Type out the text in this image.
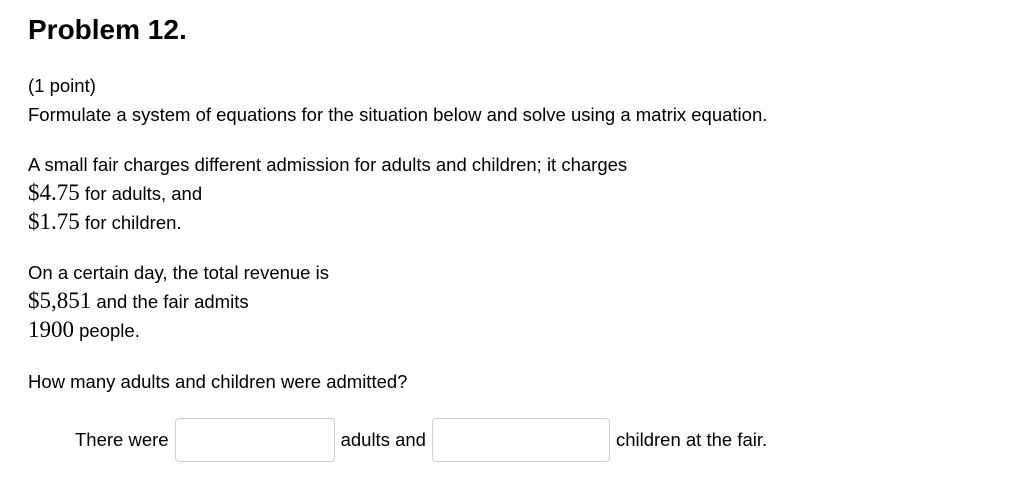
Problem 12.
(1 point)
Formulate a system of equations for the situation below and solve using a matrix equation.
A small fair charges different admission for adults and children; it charges
$4.75 for adults, and
$1.75 for children.
On a certain day, the total revenue is
$5,851 and the fair admits
1900 people.
How many adults and children were admitted?
There were	adults and	children at the fair.
